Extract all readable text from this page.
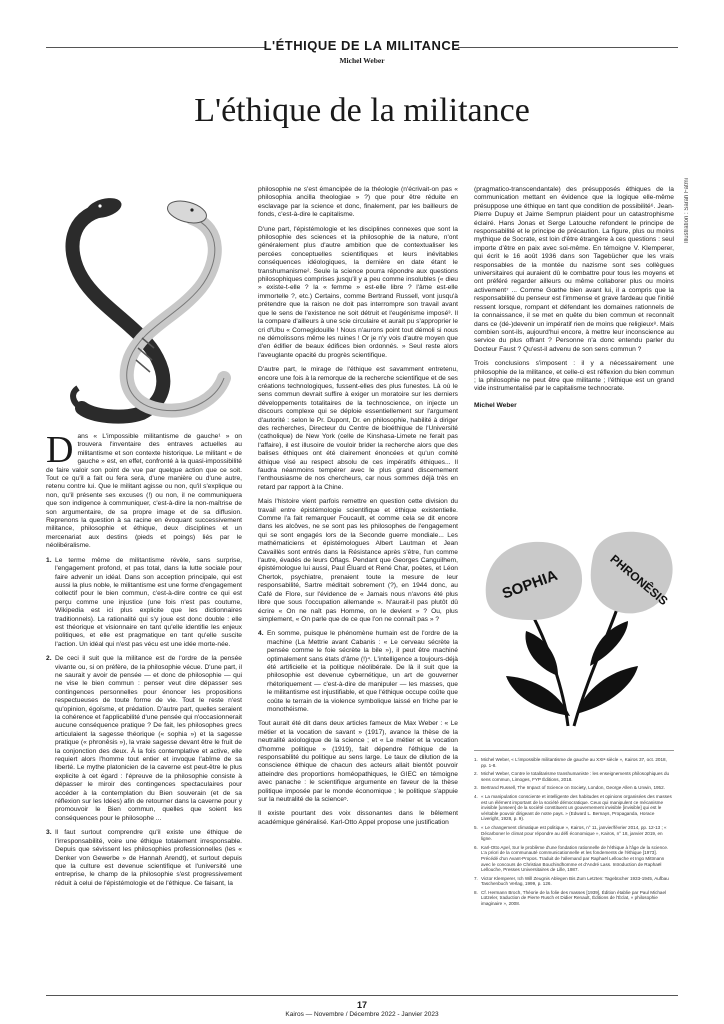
L'ÉTHIQUE DE LA MILITANCE
Michel Weber
L'éthique de la militance
Illustration : Sarah Fatmi

Dans « L'impossible militantisme de gauche¹ » on trouvera l'inventaire des entraves actuelles au militantisme et son contexte historique. Le militant « de gauche » est, en effet, confronté à la quasi-impossibilité de faire valoir son point de vue par quelque action que ce soit. Tout ce qu'il a fait ou fera sera, d'une manière ou d'une autre, retenu contre lui. Que le militant agisse ou non, qu'il s'explique ou non, qu'il présente ses excuses (!) ou non, il ne communiquera que son indigence à communiquer, c'est-à-dire la non-maîtrise de son argumentaire, de sa propre image et de sa diffusion. Reprenons la question à sa racine en évoquant successivement militance, philosophie et éthique, deux disciplines et un mercenariat aux destins (pieds et poings) liés par le néolibéralisme.

1. Le terme même de militantisme révèle, sans surprise, l'engagement profond, et pas total, dans la lutte sociale pour faire advenir un idéal. Dans son acception principale, qui est aussi la plus noble, le militantisme est une forme d'engagement collectif pour le bien commun, c'est-à-dire contre ce qui est perçu comme une injustice (une fois n'est pas coutume, Wikipedia est ici plus explicite que les dictionnaires traditionnels). La rationalité qui s'y joue est donc double : elle est théorique et visionnaire en tant qu'elle identifie les enjeux politiques, et elle est pragmatique en tant qu'elle suscite l'action. Un idéal qui n'est pas vécu est une idée morte-née.

2. De ceci il suit que la militance est de l'ordre de la pensée vivante ou, si on préfère, de la philosophie vécue. D'une part, il ne saurait y avoir de pensée — et donc de philosophie — qui ne vise le bien commun : penser veut dire dépasser ses contingences personnelles pour énoncer les propositions respectueuses de toute forme de vie. Tout le reste n'est qu'opinion, égoïsme, et prédation. D'autre part, quelles seraient la cohérence et l'applicabilité d'une pensée qui n'occasionnerait aucune conséquence pratique ? De fait, les philosophes grecs articulaient la sagesse théorique (« sophia ») et la sagesse pratique (« phronêsis »), la vraie sagesse devant être le fruit de la conjonction des deux. À la fois contemplative et active, elle requiert alors l'homme tout entier et invoque l'abîme de sa liberté. Le mythe platonicien de la caverne est peut-être le plus explicite à cet égard : l'épreuve de la philosophie consiste à dépasser le miroir des contingences spectaculaires pour accéder à la contemplation du Bien souverain (et de sa réflexion sur les Idées) afin de retourner dans la caverne pour y promouvoir le Bien commun, quelles que soient les conséquences pour le philosophe ...

3. Il faut surtout comprendre qu'il existe une éthique de l'irresponsabilité, voire une éthique totalement irresponsable. Depuis que sévissent les philosophies professionnelles (les « Denker von Gewerbe » de Hannah Arendt), et surtout depuis que la culture est devenue scientifique et l'université une entreprise, le champ de la philosophie s'est progressivement réduit à celui de l'épistémologie et de l'éthique. Ce faisant, la

philosophie ne s'est émancipée de la théologie (n'écrivait-on pas « philosophia ancilla theologiae » ?) que pour être réduite en esclavage par la science et donc, finalement, par les bailleurs de fonds, c'est-à-dire le capitalisme.

D'une part, l'épistémologie et les disciplines connexes que sont la philosophie des sciences et la philosophie de la nature, n'ont généralement plus d'autre ambition que de contextualiser les percées conceptuelles scientifiques et leurs inévitables conséquences idéologiques, la dernière en date étant le transhumanisme². Seule la science pourra répondre aux questions philosophiques comprises jusqu'il y a peu comme insolubles (« dieu » existe-t-elle ? la « femme » est-elle libre ? l'âme est-elle immortelle ?, etc.) Certains, comme Bertrand Russell, vont jusqu'à prétendre que la raison ne doit pas interrompre son travail avant que le sens de l'existence ne soit détruit et l'eugénisme imposé³. Il la compare d'ailleurs à une scie circulaire et aurait pu s'approprier le cri d'Ubu « Cornegidouille ! Nous n'aurons point tout démoli si nous ne démolissons même les ruines ! Or je n'y vois d'autre moyen que d'en édifier de beaux édifices bien ordonnés. » Seul reste alors l'aveuglante opacité du progrès scientifique.

D'autre part, le mirage de l'éthique est savamment entretenu, encore une fois à la remorque de la recherche scientifique et de ses créations technologiques, fussent-elles des plus funestes. Là où le sens commun devrait suffire à exiger un moratoire sur les derniers développements totalitaires de la technoscience, on injecte un discours complexe qui se déploie essentiellement sur l'argument d'autorité : selon le Pr. Dupont, Dr. en philosophie, habilité à diriger des recherches, Directeur du Centre de bioéthique de l'Université (catholique) de New York (celle de Kinshasa-Limete ne ferait pas l'affaire), il est illusoire de vouloir brider la recherche alors que des balises éthiques ont été clairement énoncées et qu'un comité éthique visé au respect absolu de ces impératifs éthiques... Il faudra néanmoins tempérer avec le plus grand discernement l'enthousiasme de nos chercheurs, car nous sommes déjà très en retard par rapport à la Chine.

Mais l'histoire vient parfois remettre en question cette division du travail entre épistémologie scientifique et éthique existentielle. Comme l'a fait remarquer Foucault, et comme cela se dit encore dans les alcôves, ne se sont pas les philosophes de l'engagement qui se sont engagés lors de la Seconde guerre mondiale... Les mathématiciens et épistémologues Albert Lautman et Jean Cavaillès sont entrés dans la Résistance après s'être, l'un comme l'autre, évadés de leurs Oflags. Pendant que Georges Canguilhem, épistémologue lui aussi, Paul Éluard et René Char, poètes, et Léon Chertok, psychiatre, prenaient toute la mesure de leur responsabilité, Sartre méditait sobrement (?), en 1944 donc, au Café de Flore, sur l'évidence de « Jamais nous n'avons été plus libre que sous l'occupation allemande ». N'aurait-il pas plutôt dû écrire « On ne naît pas Homme, on le devient » ? Ou, plus simplement, « On parle que de ce que l'on ne connaît pas » ?

4. En somme, puisque le phénomène humain est de l'ordre de la machine (La Mettrie avant Cabanis : « Le cerveau sécrète la pensée comme le foie sécrète la bile »), il peut être machiné optimalement sans états d'âme (!)⁴. L'intelligence a toujours-déjà été artificielle et la politique néolibérale. De là il suit que la philosophie est devenue cybernétique, un art de gouverner rhétoriquement — c'est-à-dire de manipuler — les masses, que le militantisme est injustifiable, et que l'éthique occupe coûte que coûte le terrain de la violence symbolique laissé en friche par le monothéisme.

Tout aurait été dit dans deux articles fameux de Max Weber : « Le métier et la vocation de savant » (1917), avance la thèse de la neutralité axiologique de la science ; et « Le métier et la vocation d'homme politique » (1919), fait dépendre l'éthique de la responsabilité du politique au sens large. Le taux de dilution de la conscience éthique de chacun des acteurs allait bientôt pouvoir atteindre des proportions homéopathiques, le GIEC en témoigne avec panache : le scientifique argumente en faveur de la thèse politique imposée par le monde économique ; le politique s'appuie sur la neutralité de la science⁵.

Il existe pourtant des voix dissonantes dans le bêlement académique généralisé. Karl-Otto Appel propose une justification

(pragmatico-transcendantale) des présupposés éthiques de la communication mettant en évidence que la logique elle-même présuppose une éthique en tant que condition de possibilité⁶. Jean-Pierre Dupuy et Jaime Semprun plaident pour un catastrophisme éclairé. Hans Jonas et Serge Latouche refondent le principe de responsabilité et le principe de précaution. La figure, plus ou moins mythique de Socrate, est loin d'être étrangère à ces questions : seul importe d'être en paix avec soi-même. En témoigne V. Klemperer, qui écrit le 16 août 1936 dans son Tagebücher que les vrais responsables de la montée du nazisme sont ses collègues universitaires qui auraient dû le combattre pour tous les moyens et ont préféré regarder ailleurs ou même collaborer plus ou moins activement⁷ ... Comme Gœthe bien avant lui, il a compris que la responsabilité du penseur est l'immense et grave fardeau que l'initié ressent lorsque, rompant et défendant les domaines rationnels de la connaissance, il se met en quête du bien commun et reconnaît dans ce (dé-)devenir un impératif rien de moins que religieux⁸. Mais combien sont-ils, aujourd'hui encore, à mettre leur inconscience au service du plus offrant ? Personne n'a donc entendu parler du Docteur Faust ? Qu'est-il advenu de son sens commun ?

Trois conclusions s'imposent : il y a nécessairement une philosophie de la militance, et celle-ci est réflexion du bien commun ; la philosophie ne peut être que militante ; l'éthique est un grand vide instrumentalisé par le capitalisme technocrate.

Michel Weber
SOPHIA	PHRONÊSIS
1. Michel Weber, « L'impossible militantisme de gauche au XXIᵉ siècle », Kairos 37, oct. 2018, pp. 1-8.
2. Michel Weber, Contre le totalitarisme transhumaniste : les enseignements philosophiques du sens commun, Limoges, FYP Éditions, 2018.
3. Bertrand Russell, The Impact of Science on Society, London, George Allen & Unwin, 1952.
4. « La manipulation consciente et intelligente des habitudes et opinions organisées des masses est un élément important de la société démocratique. Ceux qui manipulent ce mécanisme invisible [unseen] de la société constituent un gouvernement invisible [invisible] qui est le véritable pouvoir dirigeant de notre pays. » (Edward L. Bernays, Propaganda, Horace Liveright, 1928, p. 9).
5. « Le changement climatique est politique », Kairos, n° 11, janvier/février 2014, pp. 12-13 ; « Décarboner le climat pour répondre au défi économique », Kairos, n° 18, janvier 2019, en ligne.
6. Karl-Otto Apel, Sur le problème d'une fondation rationnelle de l'éthique à l'âge de la science. L'a priori de la communauté communicationnelle et les fondements de l'éthique [1973]. Précédé d'un Avant-Propos. Traduit de l'allemand par Raphaël Lellouche et Ingo Mittmann avec le concours de Christian Bouchindhomme et d'André Lass. Introduction de Raphaël Lellouche, Presses Universitaires de Lille, 1987.
7. Victor Klemperer, Ich Will Zeugnis Ablegen Bis Zum Letzten: Tagebücher 1933-1945, Aufbau Taschenbuch Verlag, 1999, p. 126.
8. Cf. Hermann Broch, Théorie de la folie des masses [1939], Édition établie par Paul Michael Lützeler, traduction de Pierre Rusch et Didier Renault, Éditions de l'Éclat, « philosophie imaginaire », 2008.
17
Kairos — Novembre / Décembre 2022 - Janvier 2023
